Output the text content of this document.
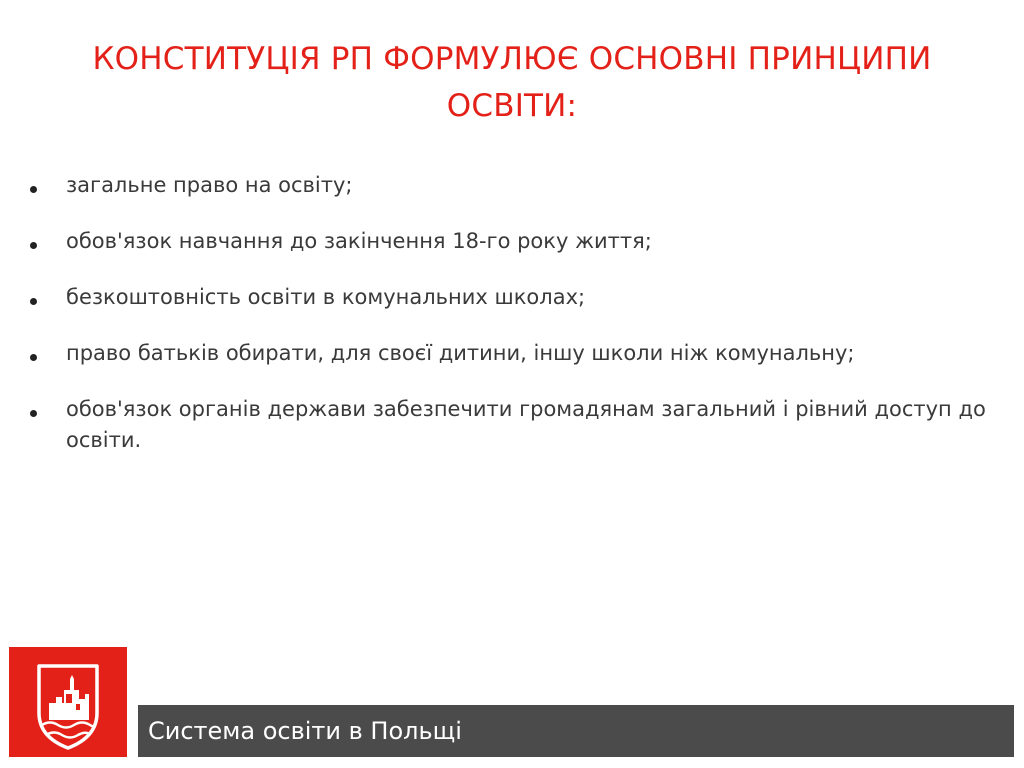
КОНСТИТУЦІЯ РП ФОРМУЛЮЄ ОСНОВНІ ПРИНЦИПИ ОСВІТИ:
загальне право на освіту;
обов'язок навчання до закінчення 18-го року життя;
безкоштовність освіти в комунальних школах;
право батьків обирати, для своєї дитини, іншу школи ніж комунальну;
обов'язок органів держави забезпечити громадянам загальний і рівний доступ до освіти.
Система освіти в Польщі
